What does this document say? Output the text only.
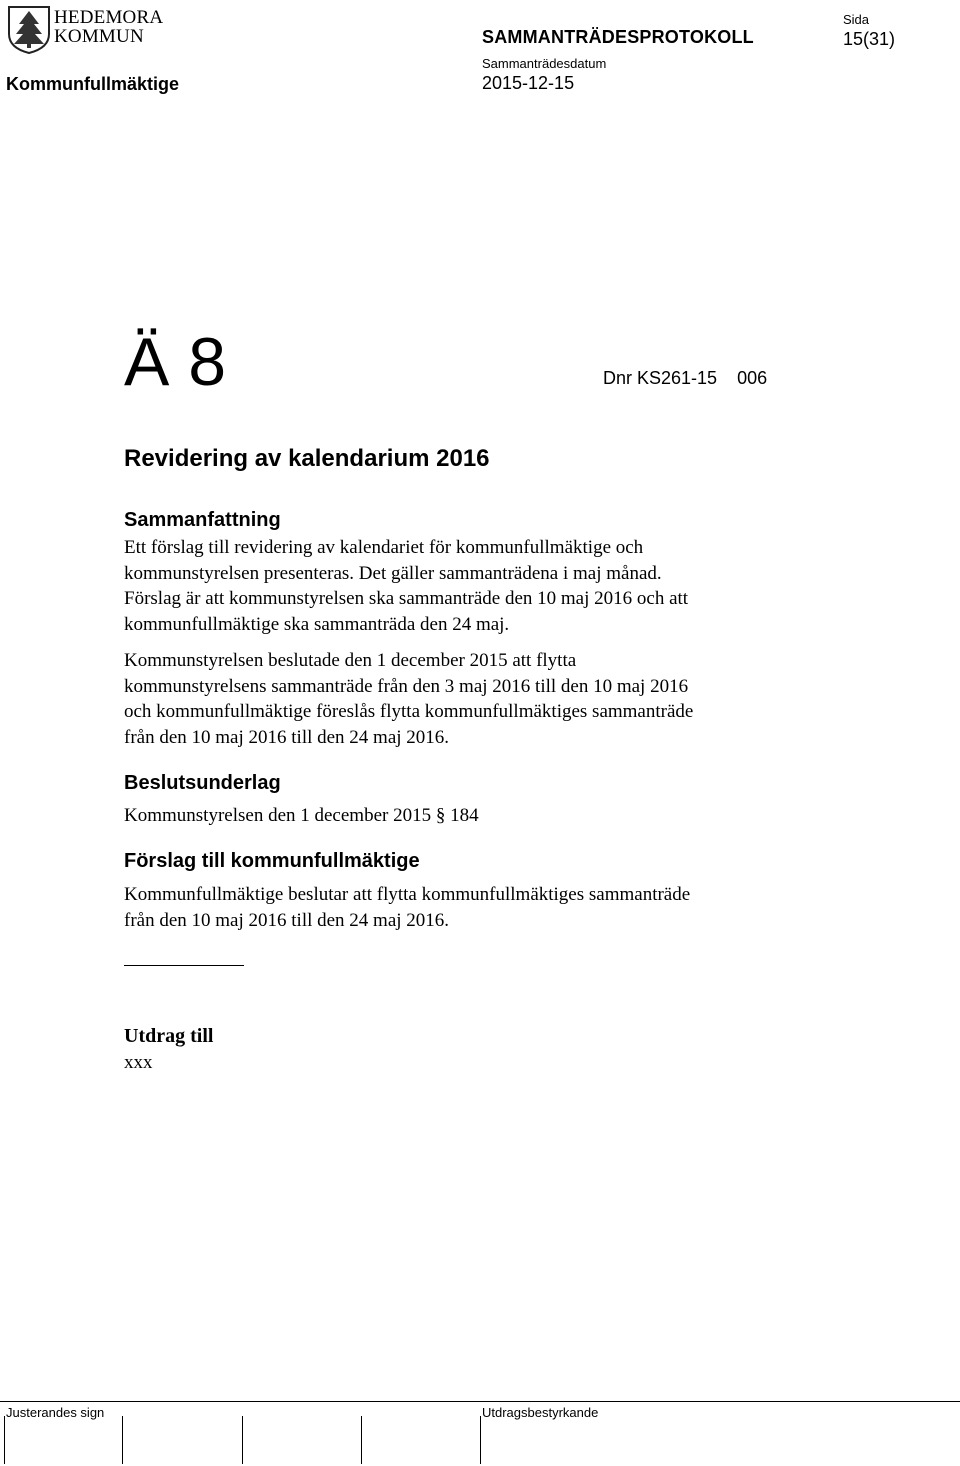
HEDEMORA
KOMMUN
Kommunfullmäktige
SAMMANTRÄDESPROTOKOLL
Sammanträdesdatum
2015-12-15
Sida
15(31)
Ä 8	Dnr KS261-15    006
Revidering av kalendarium 2016
Sammanfattning
Ett förslag till revidering av kalendariet för kommunfullmäktige och
kommunstyrelsen presenteras. Det gäller sammanträdena i maj månad.
Förslag är att kommunstyrelsen ska sammanträde den 10 maj 2016 och att
kommunfullmäktige ska sammanträda den 24 maj.
Kommunstyrelsen beslutade den 1 december 2015 att flytta
kommunstyrelsens sammanträde från den 3 maj 2016 till den 10 maj 2016
och kommunfullmäktige föreslås flytta kommunfullmäktiges sammanträde
från den 10 maj 2016 till den 24 maj 2016.
Beslutsunderlag
Kommunstyrelsen den 1 december 2015 § 184
Förslag till kommunfullmäktige
Kommunfullmäktige beslutar att flytta kommunfullmäktiges sammanträde
från den 10 maj 2016 till den 24 maj 2016.
Utdrag till
xxx
Justerandes sign	Utdragsbestyrkande
